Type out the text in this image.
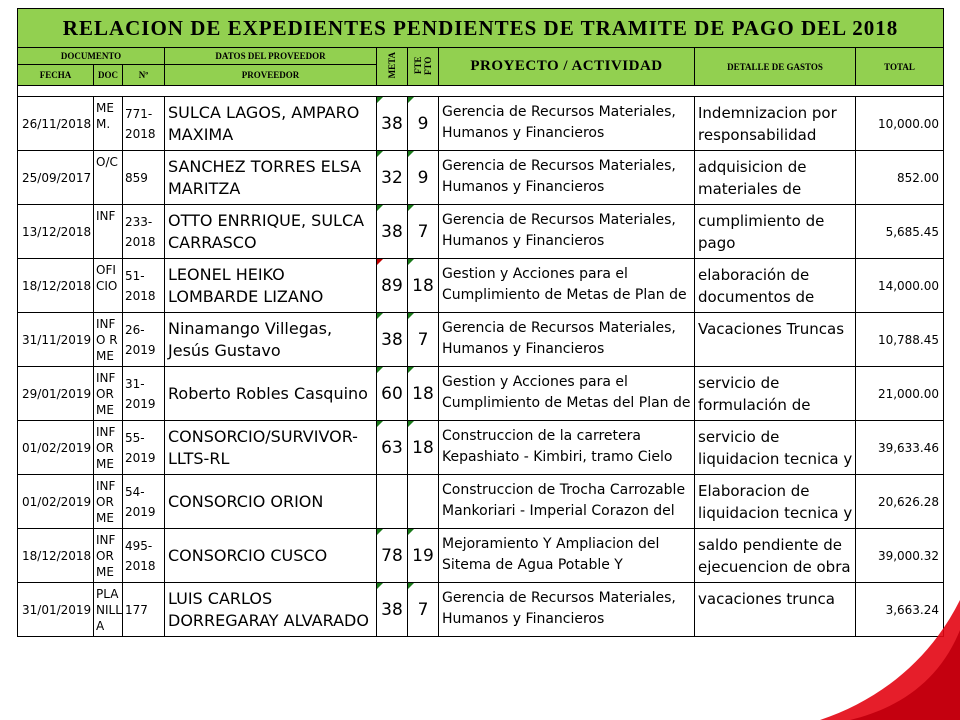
RELACION DE EXPEDIENTES PENDIENTES DE TRAMITE DE PAGO DEL 2018								
DOCUMENTO			DATOS DEL PROVEEDOR	META	FTE FTO	PROYECTO / ACTIVIDAD	DETALLE DE GASTOS	TOTAL
FECHA	DOC	Nº	PROVEEDOR					

26/11/2018	ME M.	771- 2018	SULCA LAGOS, AMPARO MAXIMA	38	9	Gerencia de Recursos Materiales, Humanos y Financieros	Indemnizacion por responsabilidad	10,000.00
25/09/2017	O/C	859	SANCHEZ TORRES ELSA MARITZA	32	9	Gerencia de Recursos Materiales, Humanos y Financieros	adquisicion de materiales de	852.00
13/12/2018	INF	233- 2018	OTTO ENRRIQUE, SULCA CARRASCO	38	7	Gerencia de Recursos Materiales, Humanos y Financieros	cumplimiento de pago	5,685.45
18/12/2018	OFI CIO	51- 2018	LEONEL HEIKO LOMBARDE LIZANO	89	18	Gestion y Acciones para el Cumplimiento de Metas de Plan de	elaboración de documentos de	14,000.00
31/11/2019	INFO RME	26- 2019	Ninamango Villegas, Jesús Gustavo	38	7	Gerencia de Recursos Materiales, Humanos y Financieros	Vacaciones Truncas	10,788.45
29/01/2019	INF OR ME	31- 2019	Roberto Robles Casquino	60	18	Gestion y Acciones para el Cumplimiento de Metas del Plan de	servicio de formulación de	21,000.00
01/02/2019	INF OR ME	55- 2019	CONSORCIO/SURVIVOR- LLTS-RL	63	18	Construccion de la carretera Kepashiato - Kimbiri, tramo Cielo	servicio de liquidacion tecnica y	39,633.46
01/02/2019	INF OR ME	54- 2019	CONSORCIO ORION			Construccion de Trocha Carrozable Mankoriari - Imperial Corazon del	Elaboracion de liquidacion tecnica y	20,626.28
18/12/2018	INF OR ME	495- 2018	CONSORCIO CUSCO	78	19	Mejoramiento Y Ampliacion del Sitema de Agua Potable Y	saldo pendiente de ejecuencion de obra	39,000.32
31/01/2019	PLA NILL A	177	LUIS CARLOS DORREGARAY ALVARADO	38	7	Gerencia de Recursos Materiales, Humanos y Financieros	vacaciones trunca	3,663.24
